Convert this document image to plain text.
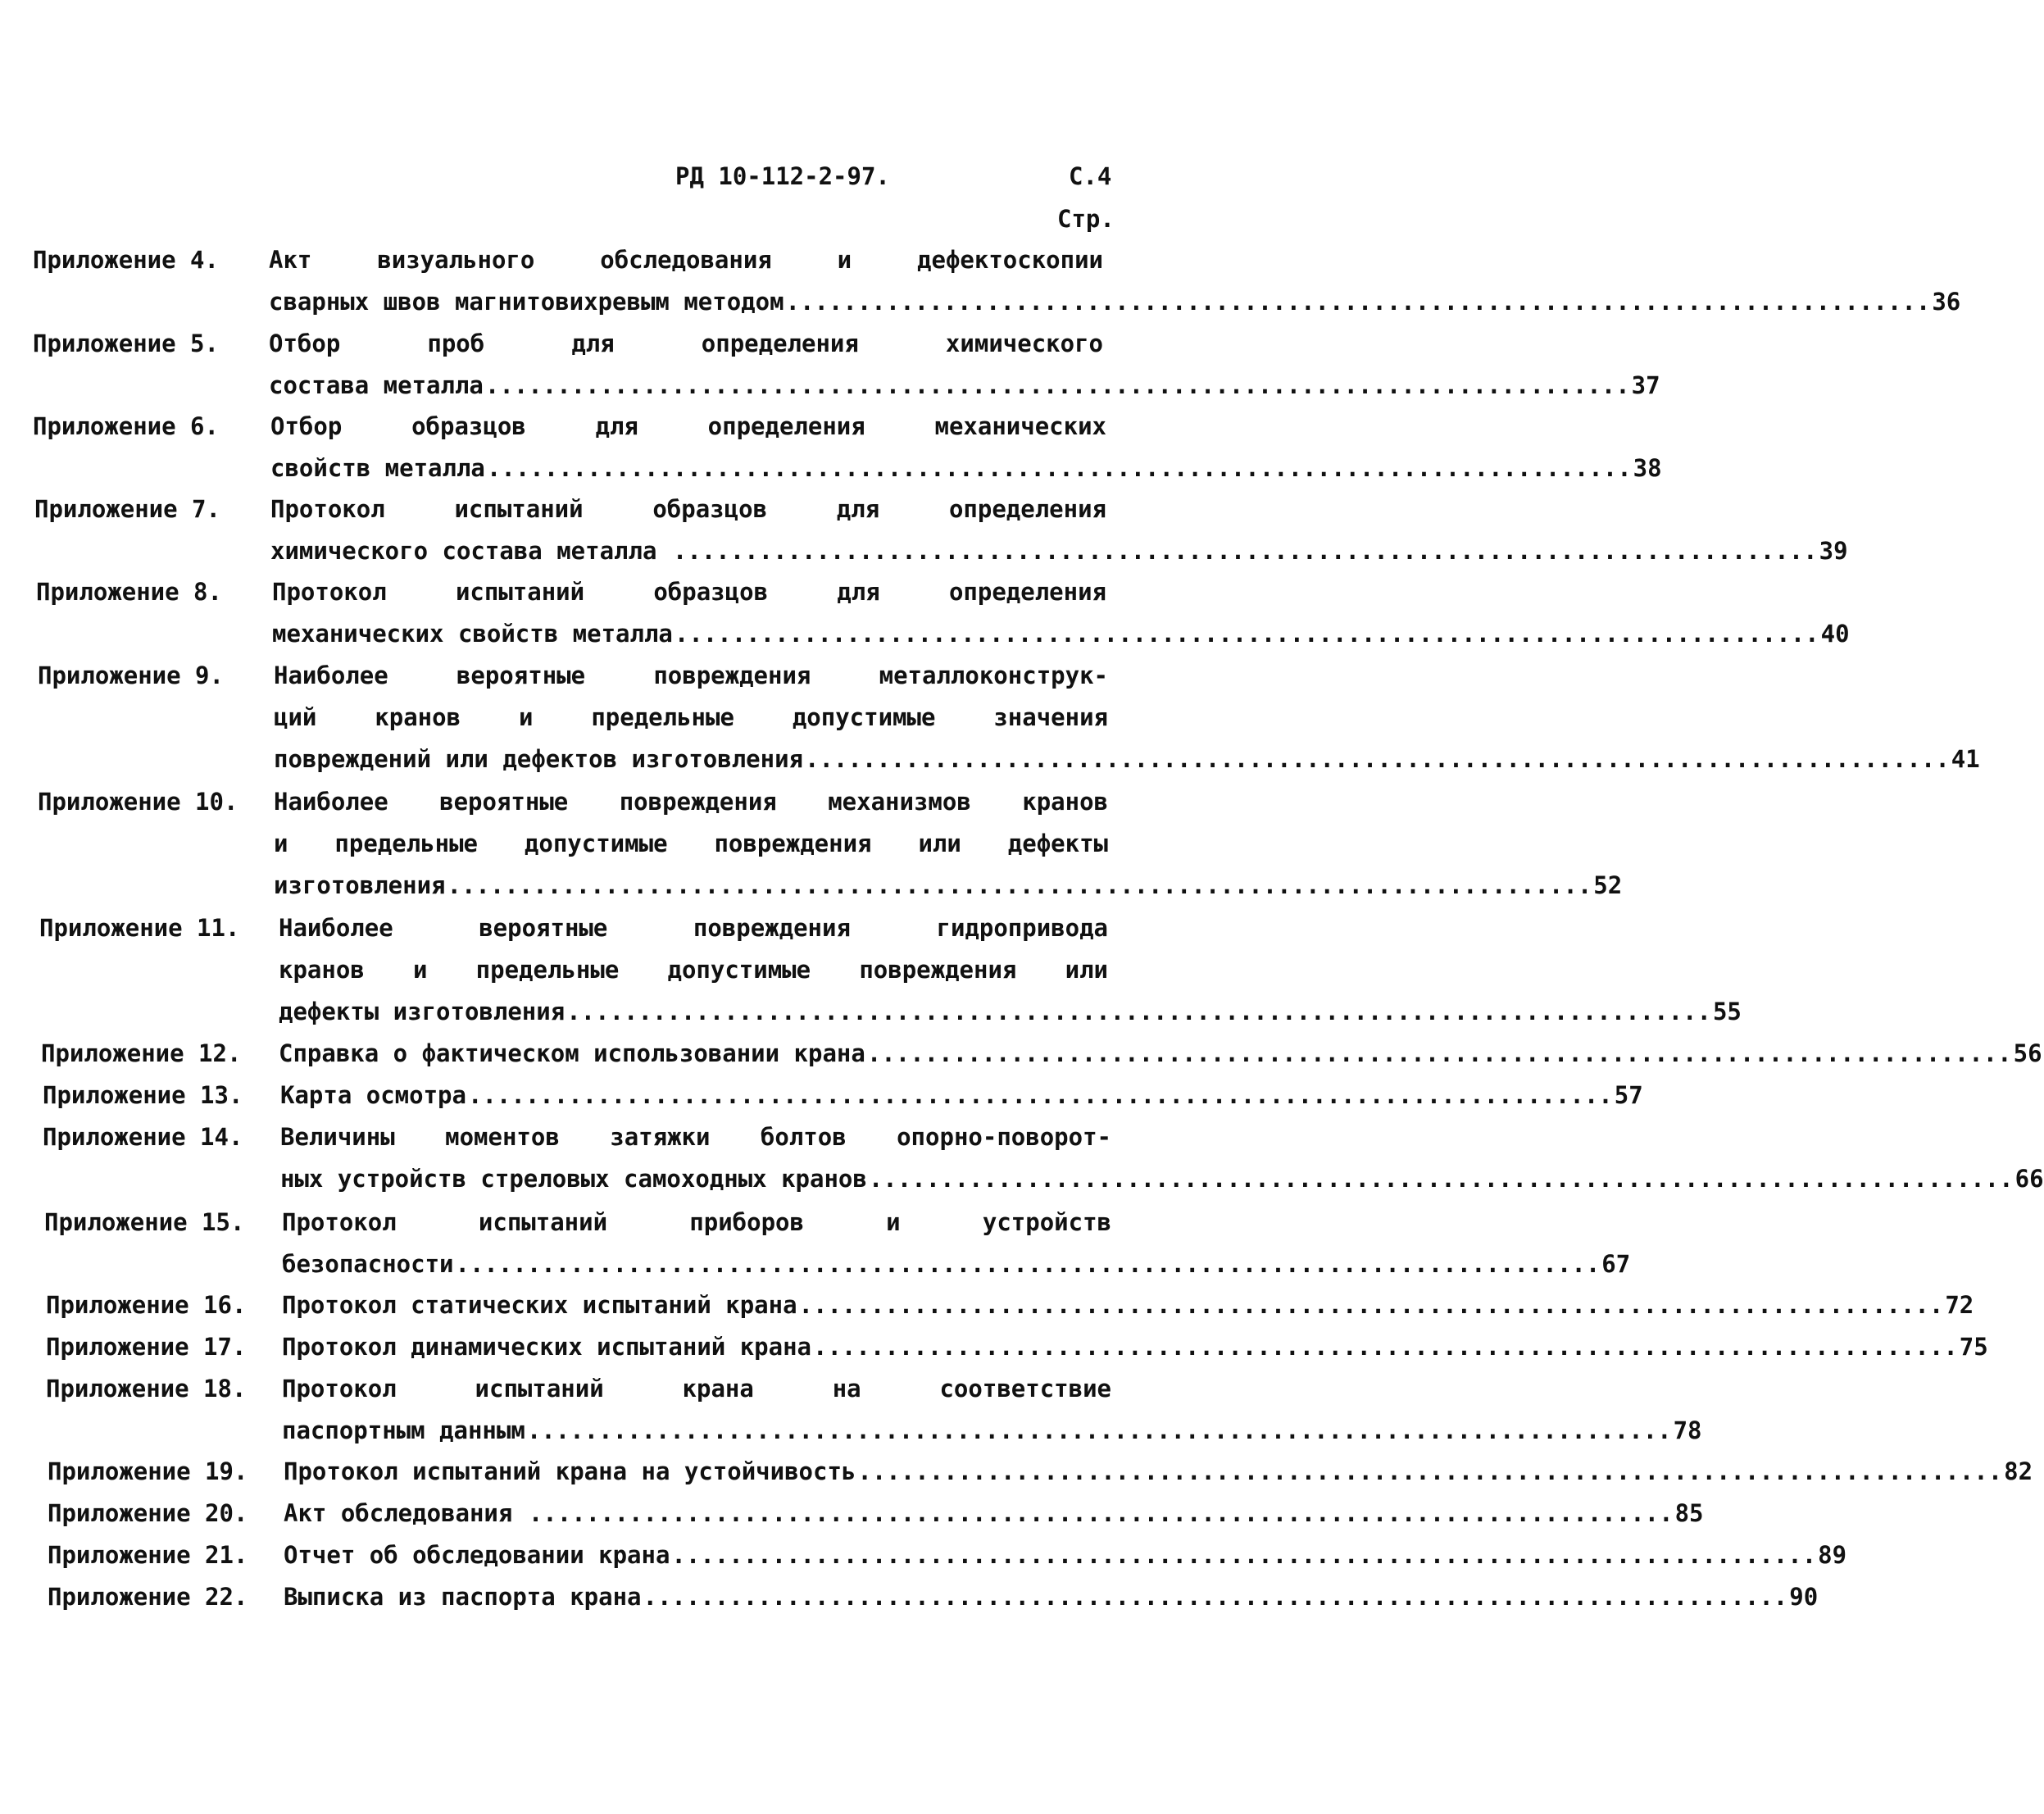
РД 10-112-2-97.	С.4
Стр.
Приложение 4. Акт визуального обследования и дефектоскопии
сварных швов магнитовихревым методом ................................................................................ 36
Приложение 5. Отбор проб для определения химического
состава металла ................................................................................ 37
Приложение 6. Отбор образцов для определения механических
свойств металла ................................................................................ 38
Приложение 7. Протокол испытаний образцов для определения
химического состава металла ................................................................................ 39
Приложение 8. Протокол испытаний образцов для определения
механических свойств металла ................................................................................ 40
Приложение 9. Наиболее вероятные повреждения металлоконструк-
ций кранов и предельные допустимые значения
повреждений или дефектов изготовления ................................................................................ 41
Приложение 10. Наиболее вероятные повреждения механизмов кранов
и предельные допустимые повреждения или дефекты
изготовления ................................................................................ 52
Приложение 11. Наиболее вероятные повреждения гидропривода
кранов и предельные допустимые повреждения или
дефекты изготовления ................................................................................ 55
Приложение 12. Справка о фактическом использовании крана ................................................................................ 56
Приложение 13. Карта осмотра ................................................................................ 57
Приложение 14. Величины моментов затяжки болтов опорно-поворот-
ных устройств стреловых самоходных кранов ................................................................................ 66
Приложение 15. Протокол испытаний приборов и устройств
безопасности ................................................................................ 67
Приложение 16. Протокол статических испытаний крана ................................................................................ 72
Приложение 17. Протокол динамических испытаний крана ................................................................................ 75
Приложение 18. Протокол испытаний крана на соответствие
паспортным данным ................................................................................ 78
Приложение 19. Протокол испытаний крана на устойчивость ................................................................................ 82
Приложение 20. Акт обследования ................................................................................ 85
Приложение 21. Отчет об обследовании крана ................................................................................ 89
Приложение 22. Выписка из паспорта крана ................................................................................ 90
